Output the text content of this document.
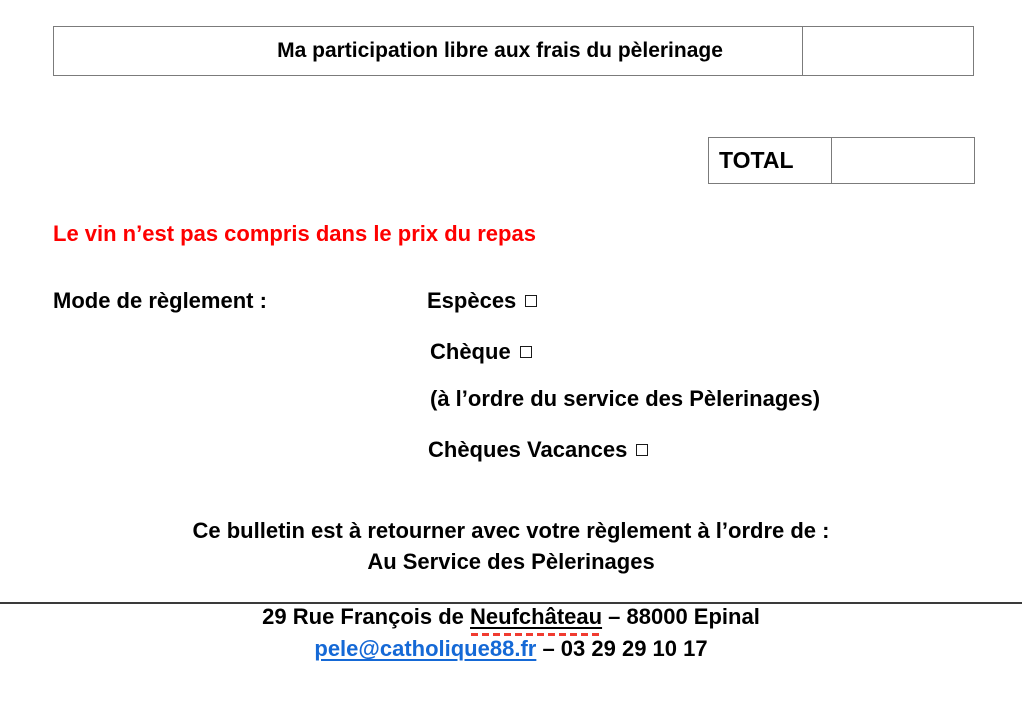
Ma participation libre aux frais du pèlerinage
TOTAL
Le vin n’est pas compris dans le prix du repas
Mode de règlement :	Espèces
Chèque
(à l’ordre du service des Pèlerinages)
Chèques Vacances
Ce bulletin est à retourner avec votre règlement à l’ordre de :
Au Service des Pèlerinages
29 Rue François de Neufchâteau – 88000 Epinal
pele@catholique88.fr – 03 29 29 10 17
